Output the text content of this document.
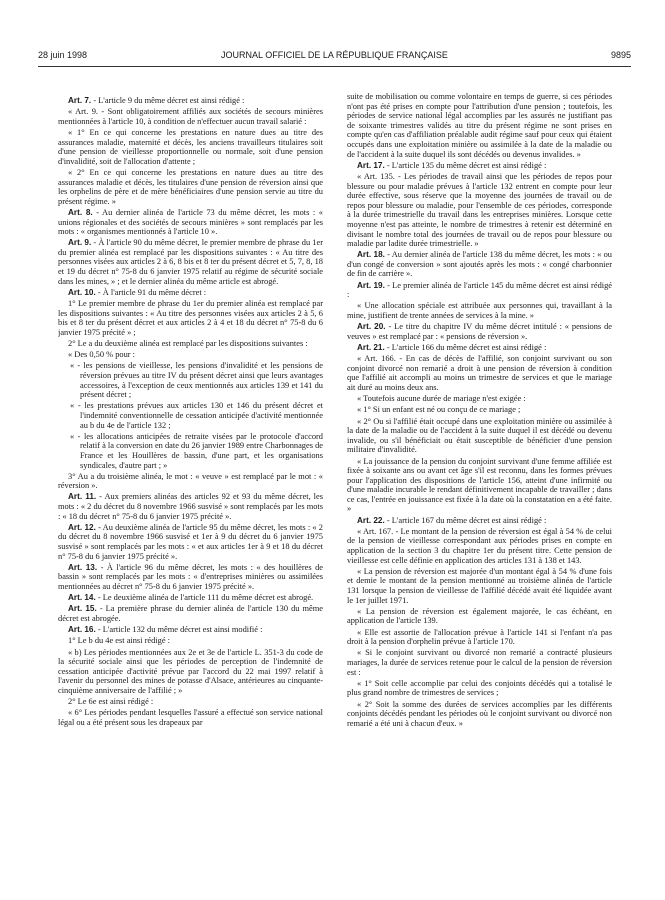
28 juin 1998	JOURNAL OFFICIEL DE LA RÉPUBLIQUE FRANÇAISE	9895

Art. 7. - L'article 9 du même décret est ainsi rédigé :

« Art. 9. - Sont obligatoirement affiliés aux sociétés de secours minières mentionnées à l'article 10, à condition de n'effectuer aucun travail salarié :

« 1° En ce qui concerne les prestations en nature dues au titre des assurances maladie, maternité et décès, les anciens travailleurs titulaires soit d'une pension de vieillesse proportionnelle ou normale, soit d'une pension d'invalidité, soit de l'allocation d'attente ;

« 2° En ce qui concerne les prestations en nature dues au titre des assurances maladie et décès, les titulaires d'une pension de réversion ainsi que les orphelins de père et de mère bénéficiaires d'une pension servie au titre du présent régime. »

Art. 8. - Au dernier alinéa de l'article 73 du même décret, les mots : « unions régionales et des sociétés de secours minières » sont remplacés par les mots : « organismes mentionnés à l'article 10 ».

Art. 9. - À l'article 90 du même décret, le premier membre de phrase du 1er du premier alinéa est remplacé par les dispositions suivantes : « Au titre des personnes visées aux articles 2 à 6, 8 bis et 8 ter du présent décret et 5, 7, 8, 18 et 19 du décret n° 75-8 du 6 janvier 1975 relatif au régime de sécurité sociale dans les mines, » ; et le dernier alinéa du même article est abrogé.

Art. 10. - À l'article 91 du même décret :

1° Le premier membre de phrase du 1er du premier alinéa est remplacé par les dispositions suivantes : « Au titre des personnes visées aux articles 2 à 5, 6 bis et 8 ter du présent décret et aux articles 2 à 4 et 18 du décret n° 75-8 du 6 janvier 1975 précité » ;

2° Le a du deuxième alinéa est remplacé par les dispositions suivantes :

« Des 0,50 % pour :

« - les pensions de vieillesse, les pensions d'invalidité et les pensions de réversion prévues au titre IV du présent décret ainsi que leurs avantages accessoires, à l'exception de ceux mentionnés aux articles 139 et 141 du présent décret ;

« - les prestations prévues aux articles 130 et 146 du présent décret et l'indemnité conventionnelle de cessation anticipée d'activité mentionnée au b du 4e de l'article 132 ;

« - les allocations anticipées de retraite visées par le protocole d'accord relatif à la conversion en date du 26 janvier 1989 entre Charbonnages de France et les Houillères de bassin, d'une part, et les organisations syndicales, d'autre part ; »

3° Au a du troisième alinéa, le mot : « veuve » est remplacé par le mot : « réversion ».

Art. 11. - Aux premiers alinéas des articles 92 et 93 du même décret, les mots : « 2 du décret du 8 novembre 1966 susvisé » sont remplacés par les mots : « 18 du décret n° 75-8 du 6 janvier 1975 précité ».

Art. 12. - Au deuxième alinéa de l'article 95 du même décret, les mots : « 2 du décret du 8 novembre 1966 susvisé et 1er à 9 du décret du 6 janvier 1975 susvisé » sont remplacés par les mots : « et aux articles 1er à 9 et 18 du décret n° 75-8 du 6 janvier 1975 précité ».

Art. 13. - À l'article 96 du même décret, les mots : « des houillères de bassin » sont remplacés par les mots : « d'entreprises minières ou assimilées mentionnées au décret n° 75-8 du 6 janvier 1975 précité ».

Art. 14. - Le deuxième alinéa de l'article 111 du même décret est abrogé.

Art. 15. - La première phrase du dernier alinéa de l'article 130 du même décret est abrogée.

Art. 16. - L'article 132 du même décret est ainsi modifié :

1° Le b du 4e est ainsi rédigé :

« b) Les périodes mentionnées aux 2e et 3e de l'article L. 351-3 du code de la sécurité sociale ainsi que les périodes de perception de l'indemnité de cessation anticipée d'activité prévue par l'accord du 22 mai 1997 relatif à l'avenir du personnel des mines de potasse d'Alsace, antérieures au cinquante-cinquième anniversaire de l'affilié ; »

2° Le 6e est ainsi rédigé :

« 6° Les périodes pendant lesquelles l'assuré a effectué son service national légal ou a été présent sous les drapeaux par

suite de mobilisation ou comme volontaire en temps de guerre, si ces périodes n'ont pas été prises en compte pour l'attribution d'une pension ; toutefois, les périodes de service national légal accomplies par les assurés ne justifiant pas de soixante trimestres validés au titre du présent régime ne sont prises en compte qu'en cas d'affiliation préalable audit régime sauf pour ceux qui étaient occupés dans une exploitation minière ou assimilée à la date de la maladie ou de l'accident à la suite duquel ils sont décédés ou devenus invalides. »

Art. 17. - L'article 135 du même décret est ainsi rédigé :

« Art. 135. - Les périodes de travail ainsi que les périodes de repos pour blessure ou pour maladie prévues à l'article 132 entrent en compte pour leur durée effective, sous réserve que la moyenne des journées de travail ou de repos pour blessure ou maladie, pour l'ensemble de ces périodes, corresponde à la durée trimestrielle du travail dans les entreprises minières. Lorsque cette moyenne n'est pas atteinte, le nombre de trimestres à retenir est déterminé en divisant le nombre total des journées de travail ou de repos pour blessure ou maladie par ladite durée trimestrielle. »

Art. 18. - Au dernier alinéa de l'article 138 du même décret, les mots : « ou d'un congé de conversion » sont ajoutés après les mots : « congé charbonnier de fin de carrière ».

Art. 19. - Le premier alinéa de l'article 145 du même décret est ainsi rédigé :

« Une allocation spéciale est attribuée aux personnes qui, travaillant à la mine, justifient de trente années de services à la mine. »

Art. 20. - Le titre du chapitre IV du même décret intitulé : « pensions de veuves » est remplacé par : « pensions de réversion ».

Art. 21. - L'article 166 du même décret est ainsi rédigé :

« Art. 166. - En cas de décès de l'affilié, son conjoint survivant ou son conjoint divorcé non remarié a droit à une pension de réversion à condition que l'affilié ait accompli au moins un trimestre de services et que le mariage ait duré au moins deux ans.

« Toutefois aucune durée de mariage n'est exigée :

« 1° Si un enfant est né ou conçu de ce mariage ;

« 2° Ou si l'affilié était occupé dans une exploitation minière ou assimilée à la date de la maladie ou de l'accident à la suite duquel il est décédé ou devenu invalide, ou s'il bénéficiait ou était susceptible de bénéficier d'une pension militaire d'invalidité.

« La jouissance de la pension du conjoint survivant d'une femme affiliée est fixée à soixante ans ou avant cet âge s'il est reconnu, dans les formes prévues pour l'application des dispositions de l'article 156, atteint d'une infirmité ou d'une maladie incurable le rendant définitivement incapable de travailler ; dans ce cas, l'entrée en jouissance est fixée à la date où la constatation en a été faite. »

Art. 22. - L'article 167 du même décret est ainsi rédigé :

« Art. 167. - Le montant de la pension de réversion est égal à 54 % de celui de la pension de vieillesse correspondant aux périodes prises en compte en application de la section 3 du chapitre 1er du présent titre. Cette pension de vieillesse est celle définie en application des articles 131 à 138 et 143.

« La pension de réversion est majorée d'un montant égal à 54 % d'une fois et demie le montant de la pension mentionné au troisième alinéa de l'article 131 lorsque la pension de vieillesse de l'affilié décédé avait été liquidée avant le 1er juillet 1971.

« La pension de réversion est également majorée, le cas échéant, en application de l'article 139.

« Elle est assortie de l'allocation prévue à l'article 141 si l'enfant n'a pas droit à la pension d'orphelin prévue à l'article 170.

« Si le conjoint survivant ou divorcé non remarié a contracté plusieurs mariages, la durée de services retenue pour le calcul de la pension de réversion est :

« 1° Soit celle accomplie par celui des conjoints décédés qui a totalisé le plus grand nombre de trimestres de services ;

« 2° Soit la somme des durées de services accomplies par les différents conjoints décédés pendant les périodes où le conjoint survivant ou divorcé non remarié a été uni à chacun d'eux. »
